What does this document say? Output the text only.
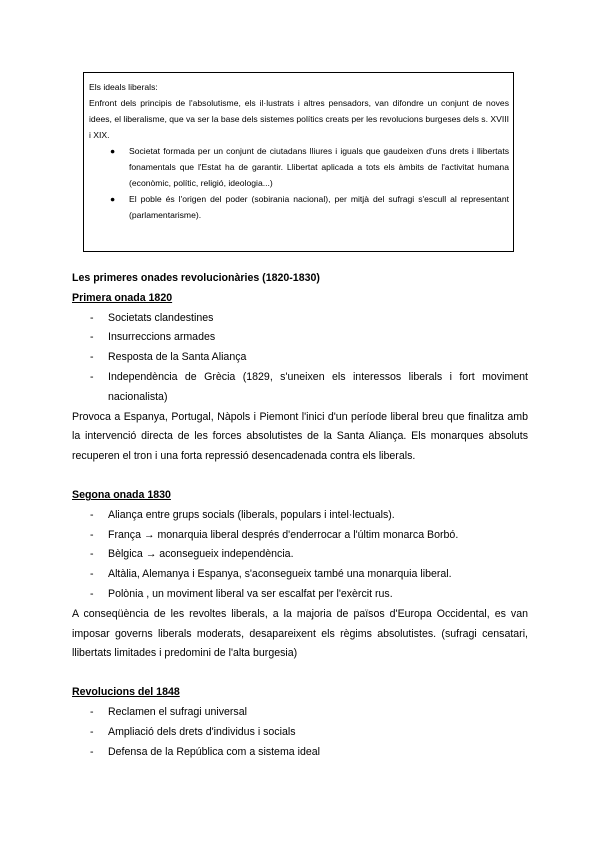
Els ideals liberals:

Enfront dels principis de l'absolutisme, els il·lustrats i altres pensadors, van difondre un conjunt de noves idees, el liberalisme, que va ser la base dels sistemes polítics creats per les revolucions burgeses dels s. XVIII i XIX.

● Societat formada per un conjunt de ciutadans lliures i iguals que gaudeixen d'uns drets i llibertats fonamentals que l'Estat ha de garantir. Llibertat aplicada a tots els àmbits de l'activitat humana (econòmic, polític, religió, ideologia...)
● El poble és l'origen del poder (sobirania nacional), per mitjà del sufragi s'escull al representant (parlamentarisme).

Les primeres onades revolucionàries (1820-1830)

Primera onada 1820

- Societats clandestines
- Insurreccions armades
- Resposta de la Santa Aliança
- Independència de Grècia (1829, s'uneixen els interessos liberals i fort moviment nacionalista)

Provoca a Espanya, Portugal, Nàpols i Piemont l'inici d'un període liberal breu que finalitza amb la intervenció directa de les forces absolutistes de la Santa Aliança. Els monarques absoluts recuperen el tron i una forta repressió desencadenada contra els liberals.

Segona onada 1830

- Aliança entre grups socials (liberals, populars i intel·lectuals).
- França → monarquia liberal després d'enderrocar a l'últim monarca Borbó.
- Bèlgica → aconsegueix independència.
- Altàlia, Alemanya i Espanya, s'aconsegueix també una monarquia liberal.
- Polònia , un moviment liberal va ser escalfat per l'exèrcit rus.

A conseqüència de les revoltes liberals, a la majoria de països d'Europa Occidental, es van imposar governs liberals moderats, desapareixent els règims absolutistes. (sufragi censatari, llibertats limitades i predomini de l'alta burgesia)

Revolucions del 1848

- Reclamen el sufragi universal
- Ampliació dels drets d'individus i socials
- Defensa de la República com a sistema ideal
